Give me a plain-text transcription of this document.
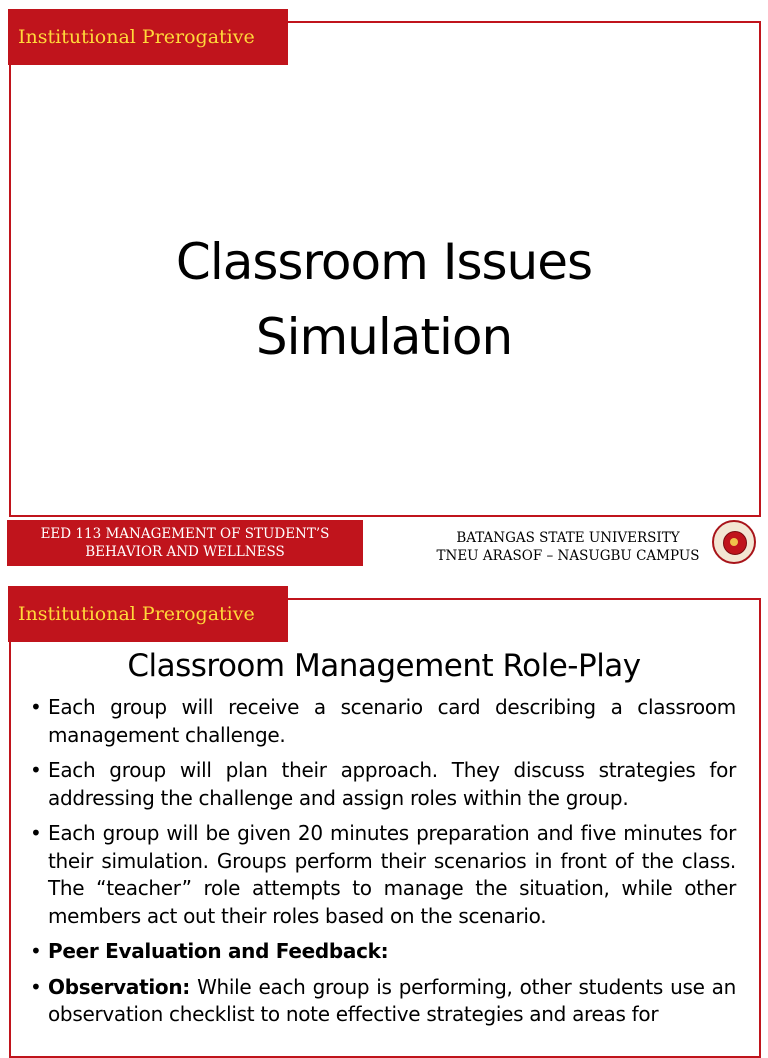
Institutional Prerogative
Classroom Issues
Simulation
EED 113 MANAGEMENT OF STUDENT’S
BEHAVIOR AND WELLNESS
BATANGAS STATE UNIVERSITY
TNEU ARASOF – NASUGBU CAMPUS
Institutional Prerogative
Classroom Management Role-Play
• Each group will receive a scenario card describing a classroom management challenge.
• Each group will plan their approach. They discuss strategies for addressing the challenge and assign roles within the group.
• Each group will be given 20 minutes preparation and five minutes for their simulation. Groups perform their scenarios in front of the class. The “teacher” role attempts to manage the situation, while other members act out their roles based on the scenario.
• Peer Evaluation and Feedback:
• Observation: While each group is performing, other students use an observation checklist to note effective strategies and areas for
